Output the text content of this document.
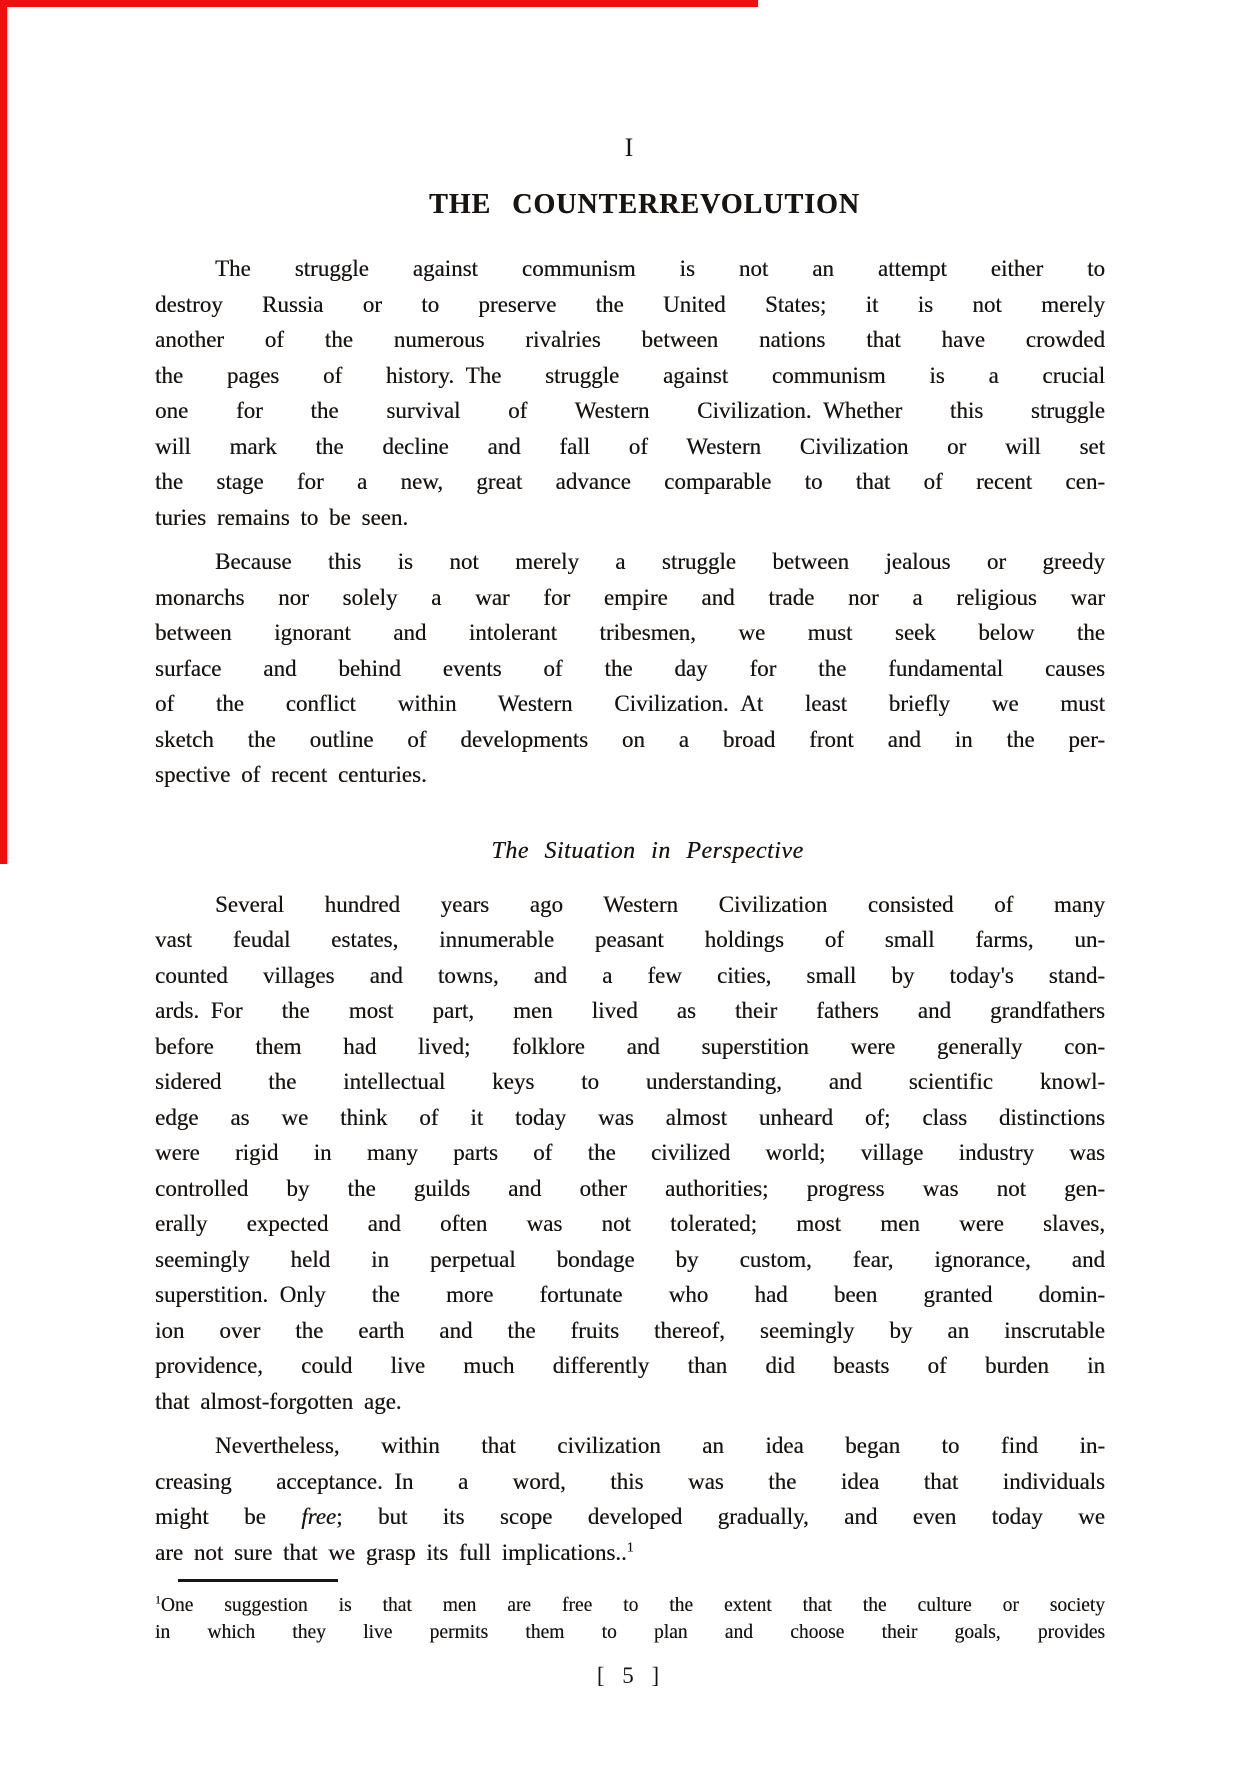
I
THE COUNTERREVOLUTION
The struggle against communism is not an attempt either to
destroy Russia or to preserve the United States; it is not merely
another of the numerous rivalries between nations that have crowded
the pages of history. The struggle against communism is a crucial
one for the survival of Western Civilization. Whether this struggle
will mark the decline and fall of Western Civilization or will set
the stage for a new, great advance comparable to that of recent cen-
turies remains to be seen.
Because this is not merely a struggle between jealous or greedy
monarchs nor solely a war for empire and trade nor a religious war
between ignorant and intolerant tribesmen, we must seek below the
surface and behind events of the day for the fundamental causes
of the conflict within Western Civilization. At least briefly we must
sketch the outline of developments on a broad front and in the per-
spective of recent centuries.
The Situation in Perspective
Several hundred years ago Western Civilization consisted of many
vast feudal estates, innumerable peasant holdings of small farms, un-
counted villages and towns, and a few cities, small by today's stand-
ards. For the most part, men lived as their fathers and grandfathers
before them had lived; folklore and superstition were generally con-
sidered the intellectual keys to understanding, and scientific knowl-
edge as we think of it today was almost unheard of; class distinctions
were rigid in many parts of the civilized world; village industry was
controlled by the guilds and other authorities; progress was not gen-
erally expected and often was not tolerated; most men were slaves,
seemingly held in perpetual bondage by custom, fear, ignorance, and
superstition. Only the more fortunate who had been granted domin-
ion over the earth and the fruits thereof, seemingly by an inscrutable
providence, could live much differently than did beasts of burden in
that almost-forgotten age.
Nevertheless, within that civilization an idea began to find in-
creasing acceptance. In a word, this was the idea that individuals
might be free; but its scope developed gradually, and even today we
are not sure that we grasp its full implications..$^1$
$^1$One suggestion is that men are free to the extent that the culture or society
in which they live permits them to plan and choose their goals, provides
[ 5 ]
